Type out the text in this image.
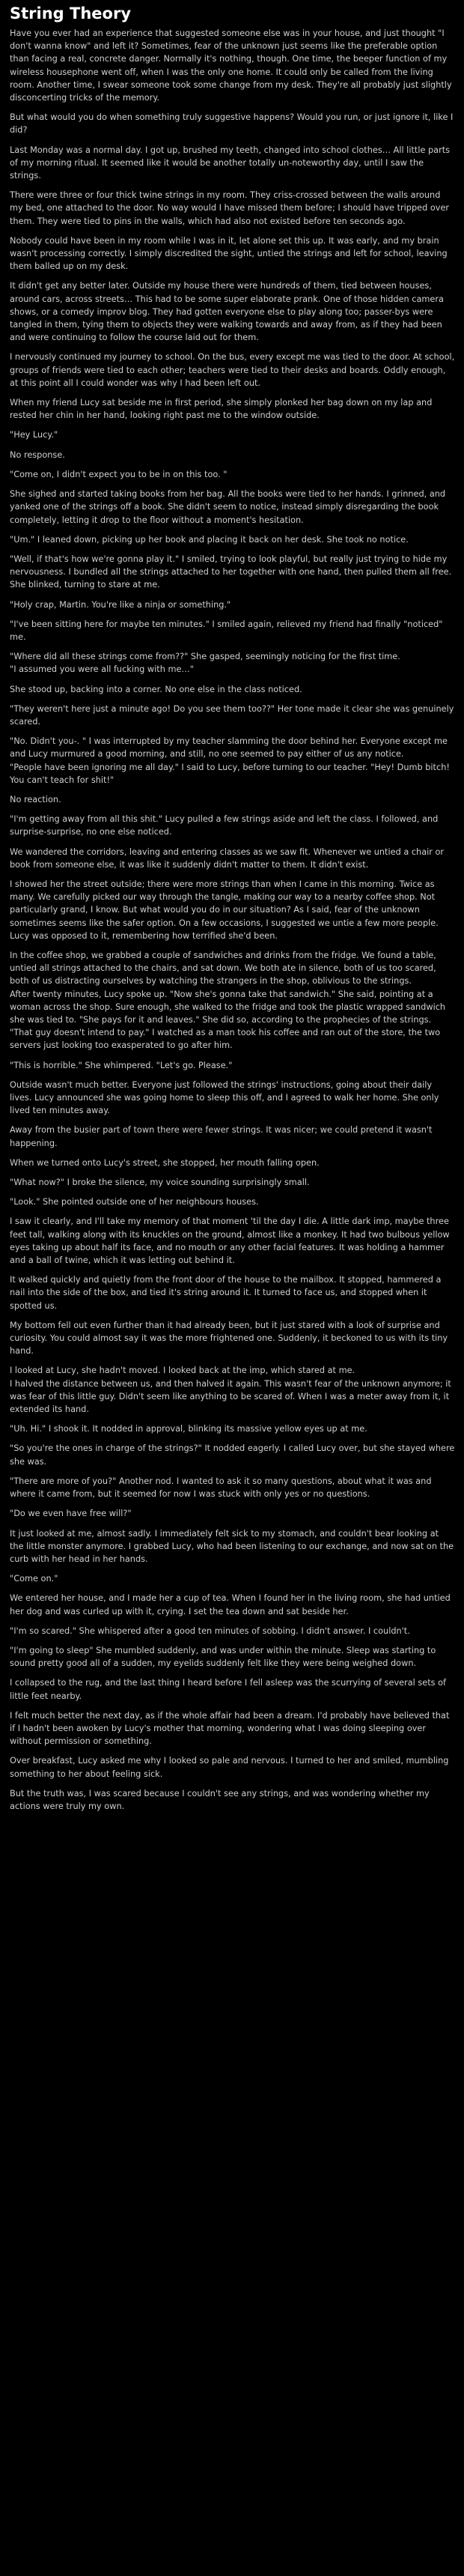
String Theory

Have you ever had an experience that suggested someone else was in your house, and just thought "I don't wanna know" and left it? Sometimes, fear of the unknown just seems like the preferable option than facing a real, concrete danger. Normally it's nothing, though. One time, the beeper function of my wireless housephone went off, when I was the only one home. It could only be called from the living room. Another time, I swear someone took some change from my desk. They're all probably just slightly disconcerting tricks of the memory.

But what would you do when something truly suggestive happens? Would you run, or just ignore it, like I did?

Last Monday was a normal day. I got up, brushed my teeth, changed into school clothes… All little parts of my morning ritual. It seemed like it would be another totally un-noteworthy day, until I saw the strings.

There were three or four thick twine strings in my room. They criss-crossed between the walls around my bed, one attached to the door. No way would I have missed them before; I should have tripped over them. They were tied to pins in the walls, which had also not existed before ten seconds ago.

Nobody could have been in my room while I was in it, let alone set this up. It was early, and my brain wasn't processing correctly. I simply discredited the sight, untied the strings and left for school, leaving them balled up on my desk.

It didn't get any better later. Outside my house there were hundreds of them, tied between houses, around cars, across streets… This had to be some super elaborate prank. One of those hidden camera shows, or a comedy improv blog. They had gotten everyone else to play along too; passer-bys were tangled in them, tying them to objects they were walking towards and away from, as if they had been and were continuing to follow the course laid out for them.

I nervously continued my journey to school. On the bus, every except me was tied to the door. At school, groups of friends were tied to each other; teachers were tied to their desks and boards. Oddly enough, at this point all I could wonder was why I had been left out.

When my friend Lucy sat beside me in first period, she simply plonked her bag down on my lap and rested her chin in her hand, looking right past me to the window outside.

"Hey Lucy."

No response.

"Come on, I didn't expect you to be in on this too. "

She sighed and started taking books from her bag. All the books were tied to her hands. I grinned, and yanked one of the strings off a book. She didn't seem to notice, instead simply disregarding the book completely, letting it drop to the floor without a moment's hesitation.

"Um." I leaned down, picking up her book and placing it back on her desk. She took no notice.

"Well, if that's how we're gonna play it." I smiled, trying to look playful, but really just trying to hide my nervousness. I bundled all the strings attached to her together with one hand, then pulled them all free.
She blinked, turning to stare at me.

"Holy crap, Martin. You're like a ninja or something."

"I've been sitting here for maybe ten minutes." I smiled again, relieved my friend had finally "noticed" me.

"Where did all these strings come from??" She gasped, seemingly noticing for the first time.
"I assumed you were all fucking with me…"

She stood up, backing into a corner. No one else in the class noticed.

"They weren't here just a minute ago! Do you see them too??" Her tone made it clear she was genuinely scared.

"No. Didn't you-. " I was interrupted by my teacher slamming the door behind her. Everyone except me and Lucy murmured a good morning, and still, no one seemed to pay either of us any notice.
"People have been ignoring me all day." I said to Lucy, before turning to our teacher. "Hey! Dumb bitch! You can't teach for shit!"

No reaction.

"I'm getting away from all this shit." Lucy pulled a few strings aside and left the class. I followed, and surprise-surprise, no one else noticed.

We wandered the corridors, leaving and entering classes as we saw fit. Whenever we untied a chair or book from someone else, it was like it suddenly didn't matter to them. It didn't exist.

I showed her the street outside; there were more strings than when I came in this morning. Twice as many. We carefully picked our way through the tangle, making our way to a nearby coffee shop. Not particularly grand, I know. But what would you do in our situation? As I said, fear of the unknown sometimes seems like the safer option. On a few occasions, I suggested we untie a few more people. Lucy was opposed to it, remembering how terrified she'd been.

In the coffee shop, we grabbed a couple of sandwiches and drinks from the fridge. We found a table, untied all strings attached to the chairs, and sat down. We both ate in silence, both of us too scared, both of us distracting ourselves by watching the strangers in the shop, oblivious to the strings.
After twenty minutes, Lucy spoke up. "Now she's gonna take that sandwich." She said, pointing at a woman across the shop. Sure enough, she walked to the fridge and took the plastic wrapped sandwich she was tied to. "She pays for it and leaves." She did so, according to the prophecies of the strings. "That guy doesn't intend to pay." I watched as a man took his coffee and ran out of the store, the two servers just looking too exasperated to go after him.

"This is horrible." She whimpered. "Let's go. Please."

Outside wasn't much better. Everyone just followed the strings' instructions, going about their daily lives. Lucy announced she was going home to sleep this off, and I agreed to walk her home. She only lived ten minutes away.

Away from the busier part of town there were fewer strings. It was nicer; we could pretend it wasn't happening.

When we turned onto Lucy's street, she stopped, her mouth falling open.

"What now?" I broke the silence, my voice sounding surprisingly small.

"Look." She pointed outside one of her neighbours houses.

I saw it clearly, and I'll take my memory of that moment 'til the day I die. A little dark imp, maybe three feet tall, walking along with its knuckles on the ground, almost like a monkey. It had two bulbous yellow eyes taking up about half its face, and no mouth or any other facial features. It was holding a hammer and a ball of twine, which it was letting out behind it.

It walked quickly and quietly from the front door of the house to the mailbox. It stopped, hammered a nail into the side of the box, and tied it's string around it. It turned to face us, and stopped when it spotted us.

My bottom fell out even further than it had already been, but it just stared with a look of surprise and curiosity. You could almost say it was the more frightened one. Suddenly, it beckoned to us with its tiny hand.

I looked at Lucy, she hadn't moved. I looked back at the imp, which stared at me.
I halved the distance between us, and then halved it again. This wasn't fear of the unknown anymore; it was fear of this little guy. Didn't seem like anything to be scared of. When I was a meter away from it, it extended its hand.

"Uh. Hi." I shook it. It nodded in approval, blinking its massive yellow eyes up at me.

"So you're the ones in charge of the strings?" It nodded eagerly. I called Lucy over, but she stayed where she was.

"There are more of you?" Another nod. I wanted to ask it so many questions, about what it was and where it came from, but it seemed for now I was stuck with only yes or no questions.

"Do we even have free will?"

It just looked at me, almost sadly. I immediately felt sick to my stomach, and couldn't bear looking at the little monster anymore. I grabbed Lucy, who had been listening to our exchange, and now sat on the curb with her head in her hands.

"Come on."

We entered her house, and I made her a cup of tea. When I found her in the living room, she had untied her dog and was curled up with it, crying. I set the tea down and sat beside her.

"I'm so scared." She whispered after a good ten minutes of sobbing. I didn't answer. I couldn't.

"I'm going to sleep" She mumbled suddenly, and was under within the minute. Sleep was starting to sound pretty good all of a sudden, my eyelids suddenly felt like they were being weighed down.

I collapsed to the rug, and the last thing I heard before I fell asleep was the scurrying of several sets of little feet nearby.

I felt much better the next day, as if the whole affair had been a dream. I'd probably have believed that if I hadn't been awoken by Lucy's mother that morning, wondering what I was doing sleeping over without permission or something.

Over breakfast, Lucy asked me why I looked so pale and nervous. I turned to her and smiled, mumbling something to her about feeling sick.

But the truth was, I was scared because I couldn't see any strings, and was wondering whether my actions were truly my own.
